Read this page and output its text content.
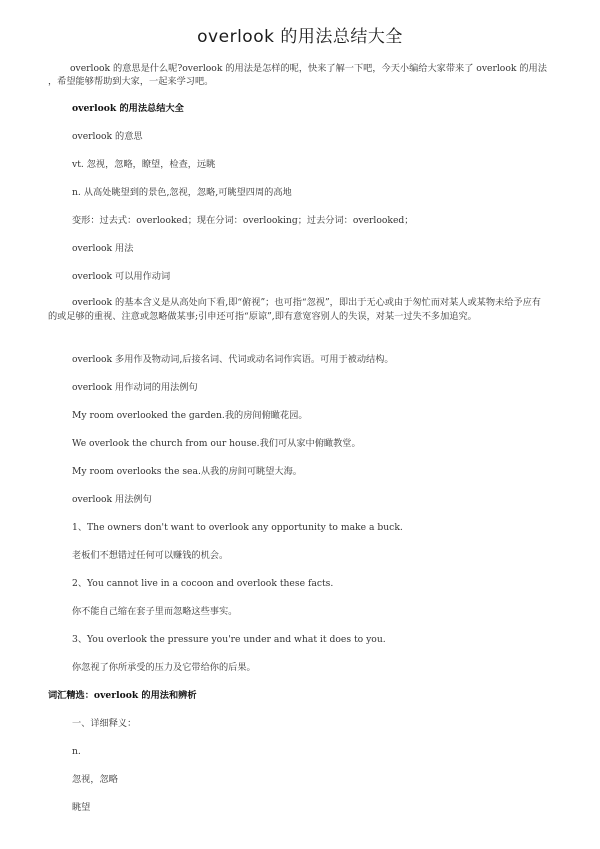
overlook 的用法总结大全
overlook 的意思是什么呢?overlook 的用法是怎样的呢，快来了解一下吧，今天小编给大家带来了 overlook 的用法 ，希望能够帮助到大家，一起来学习吧。
overlook 的用法总结大全
overlook 的意思
vt. 忽视，忽略，瞭望，检查，远眺
n. 从高处眺望到的景色,忽视，忽略,可眺望四周的高地
变形：过去式：overlooked；现在分词：overlooking；过去分词：overlooked；
overlook 用法
overlook 可以用作动词
overlook 的基本含义是从高处向下看,即“俯视”；也可指“忽视”，即出于无心或由于匆忙而对某人或某物未给予应有的或足够的重视、注意或忽略做某事;引申还可指“原谅”,即有意宽容别人的失误，对某一过失不多加追究。
overlook 多用作及物动词,后接名词、代词或动名词作宾语。可用于被动结构。
overlook 用作动词的用法例句
My room overlooked the garden.我的房间俯瞰花园。
We overlook the church from our house.我们可从家中俯瞰教堂。
My room overlooks the sea.从我的房间可眺望大海。
overlook 用法例句
1、The owners don't want to overlook any opportunity to make a buck.
老板们不想错过任何可以赚钱的机会。
2、You cannot live in a cocoon and overlook these facts.
你不能自己缩在套子里而忽略这些事实。
3、You overlook the pressure you're under and what it does to you.
你忽视了你所承受的压力及它带给你的后果。
词汇精选：overlook 的用法和辨析
一、详细释义：
n.
忽视，忽略
眺望
